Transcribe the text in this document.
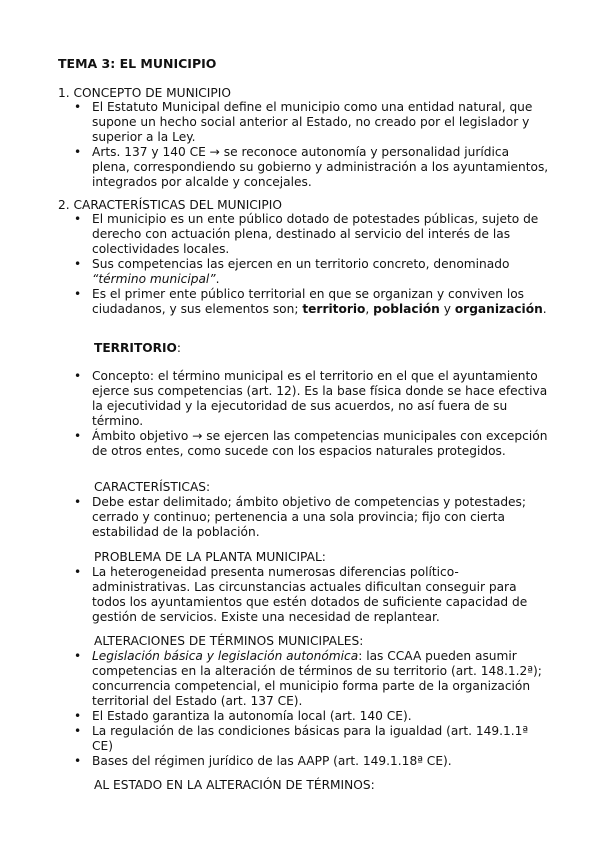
TEMA 3: EL MUNICIPIO
1. CONCEPTO DE MUNICIPIO
• El Estatuto Municipal define el municipio como una entidad natural, que supone un hecho social anterior al Estado, no creado por el legislador y superior a la Ley.
• Arts. 137 y 140 CE → se reconoce autonomía y personalidad jurídica plena, correspondiendo su gobierno y administración a los ayuntamientos, integrados por alcalde y concejales.
2. CARACTERÍSTICAS DEL MUNICIPIO
• El municipio es un ente público dotado de potestades públicas, sujeto de derecho con actuación plena, destinado al servicio del interés de las colectividades locales.
• Sus competencias las ejercen en un territorio concreto, denominado “término municipal”.
• Es el primer ente público territorial en que se organizan y conviven los ciudadanos, y sus elementos son; territorio, población y organización.
TERRITORIO:
• Concepto: el término municipal es el territorio en el que el ayuntamiento ejerce sus competencias (art. 12). Es la base física donde se hace efectiva la ejecutividad y la ejecutoridad de sus acuerdos, no así fuera de su término.
• Ámbito objetivo → se ejercen las competencias municipales con excepción de otros entes, como sucede con los espacios naturales protegidos.
CARACTERÍSTICAS:
• Debe estar delimitado; ámbito objetivo de competencias y potestades; cerrado y continuo; pertenencia a una sola provincia; fijo con cierta estabilidad de la población.
PROBLEMA DE LA PLANTA MUNICIPAL:
• La heterogeneidad presenta numerosas diferencias político-administrativas. Las circunstancias actuales dificultan conseguir para todos los ayuntamientos que estén dotados de suficiente capacidad de gestión de servicios. Existe una necesidad de replantear.
ALTERACIONES DE TÉRMINOS MUNICIPALES:
• Legislación básica y legislación autonómica: las CCAA pueden asumir competencias en la alteración de términos de su territorio (art. 148.1.2ª); concurrencia competencial, el municipio forma parte de la organización territorial del Estado (art. 137 CE).
• El Estado garantiza la autonomía local (art. 140 CE).
• La regulación de las condiciones básicas para la igualdad (art. 149.1.1ª CE)
• Bases del régimen jurídico de las AAPP (art. 149.1.18ª CE).
AL ESTADO EN LA ALTERACIÓN DE TÉRMINOS:
